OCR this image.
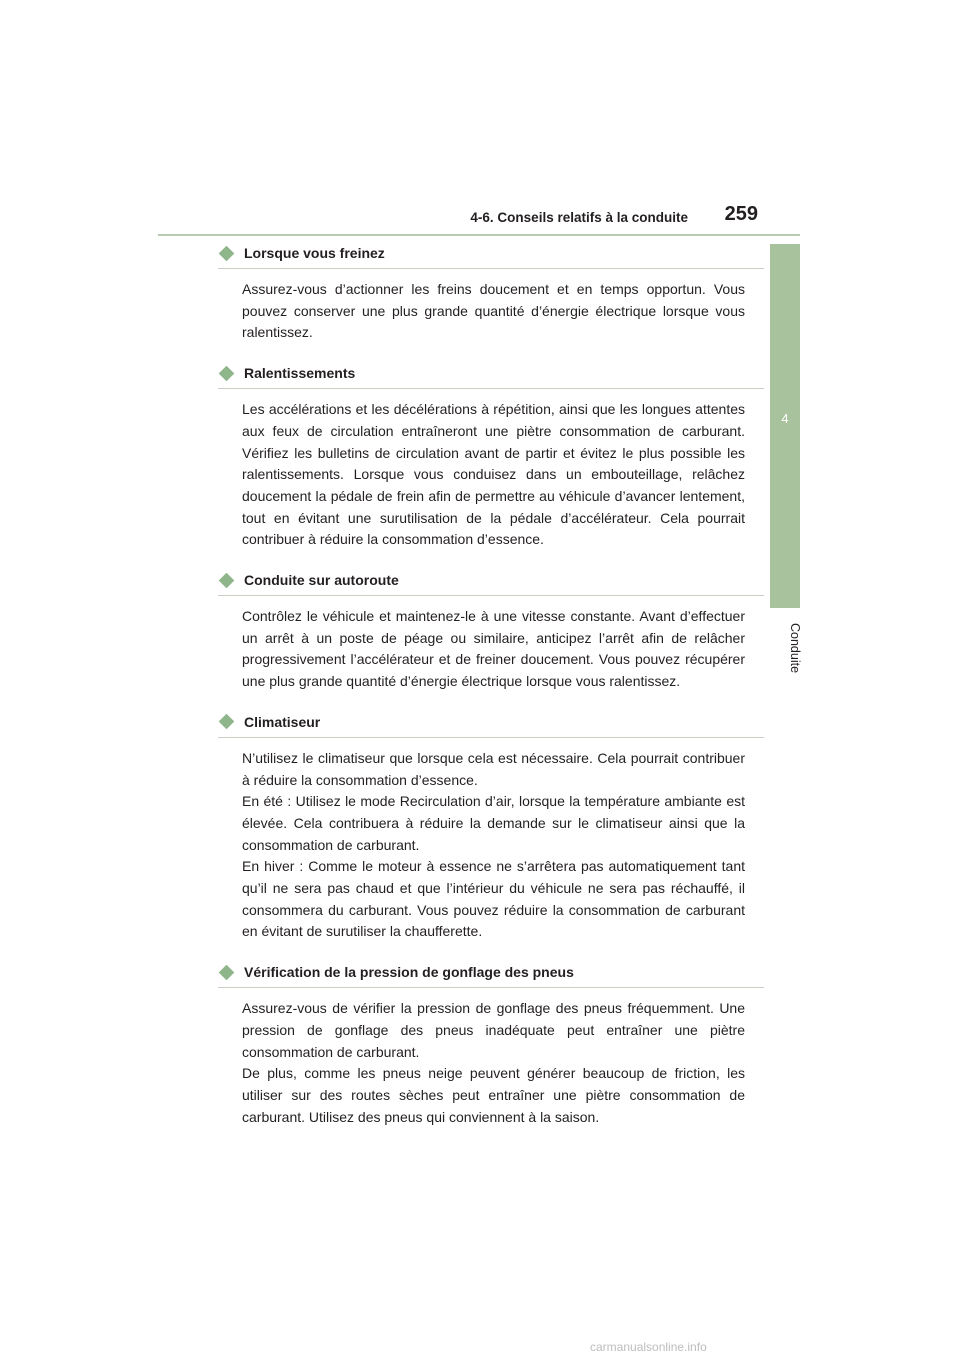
4-6. Conseils relatifs à la conduite 259
4
Conduite
Lorsque vous freinez

Assurez-vous d’actionner les freins doucement et en temps opportun. Vous pouvez conserver une plus grande quantité d’énergie électrique lorsque vous ralentissez.

Ralentissements

Les accélérations et les décélérations à répétition, ainsi que les longues attentes aux feux de circulation entraîneront une piètre consommation de carburant. Vérifiez les bulletins de circulation avant de partir et évitez le plus possible les ralentissements. Lorsque vous conduisez dans un embouteillage, relâchez doucement la pédale de frein afin de permettre au véhicule d’avancer lentement, tout en évitant une surutilisation de la pédale d’accélérateur. Cela pourrait contribuer à réduire la consommation d’essence.

Conduite sur autoroute

Contrôlez le véhicule et maintenez-le à une vitesse constante. Avant d’effectuer un arrêt à un poste de péage ou similaire, anticipez l’arrêt afin de relâcher progressivement l’accélérateur et de freiner doucement. Vous pouvez récupérer une plus grande quantité d’énergie électrique lorsque vous ralentissez.

Climatiseur

N’utilisez le climatiseur que lorsque cela est nécessaire. Cela pourrait contribuer à réduire la consommation d’essence.

En été : Utilisez le mode Recirculation d’air, lorsque la température ambiante est élevée. Cela contribuera à réduire la demande sur le climatiseur ainsi que la consommation de carburant.

En hiver : Comme le moteur à essence ne s’arrêtera pas automatiquement tant qu’il ne sera pas chaud et que l’intérieur du véhicule ne sera pas réchauffé, il consommera du carburant. Vous pouvez réduire la consommation de carburant en évitant de surutiliser la chaufferette.

Vérification de la pression de gonflage des pneus

Assurez-vous de vérifier la pression de gonflage des pneus fréquemment. Une pression de gonflage des pneus inadéquate peut entraîner une piètre consommation de carburant.

De plus, comme les pneus neige peuvent générer beaucoup de friction, les utiliser sur des routes sèches peut entraîner une piètre consommation de carburant. Utilisez des pneus qui conviennent à la saison.

carmanualsonline.info
